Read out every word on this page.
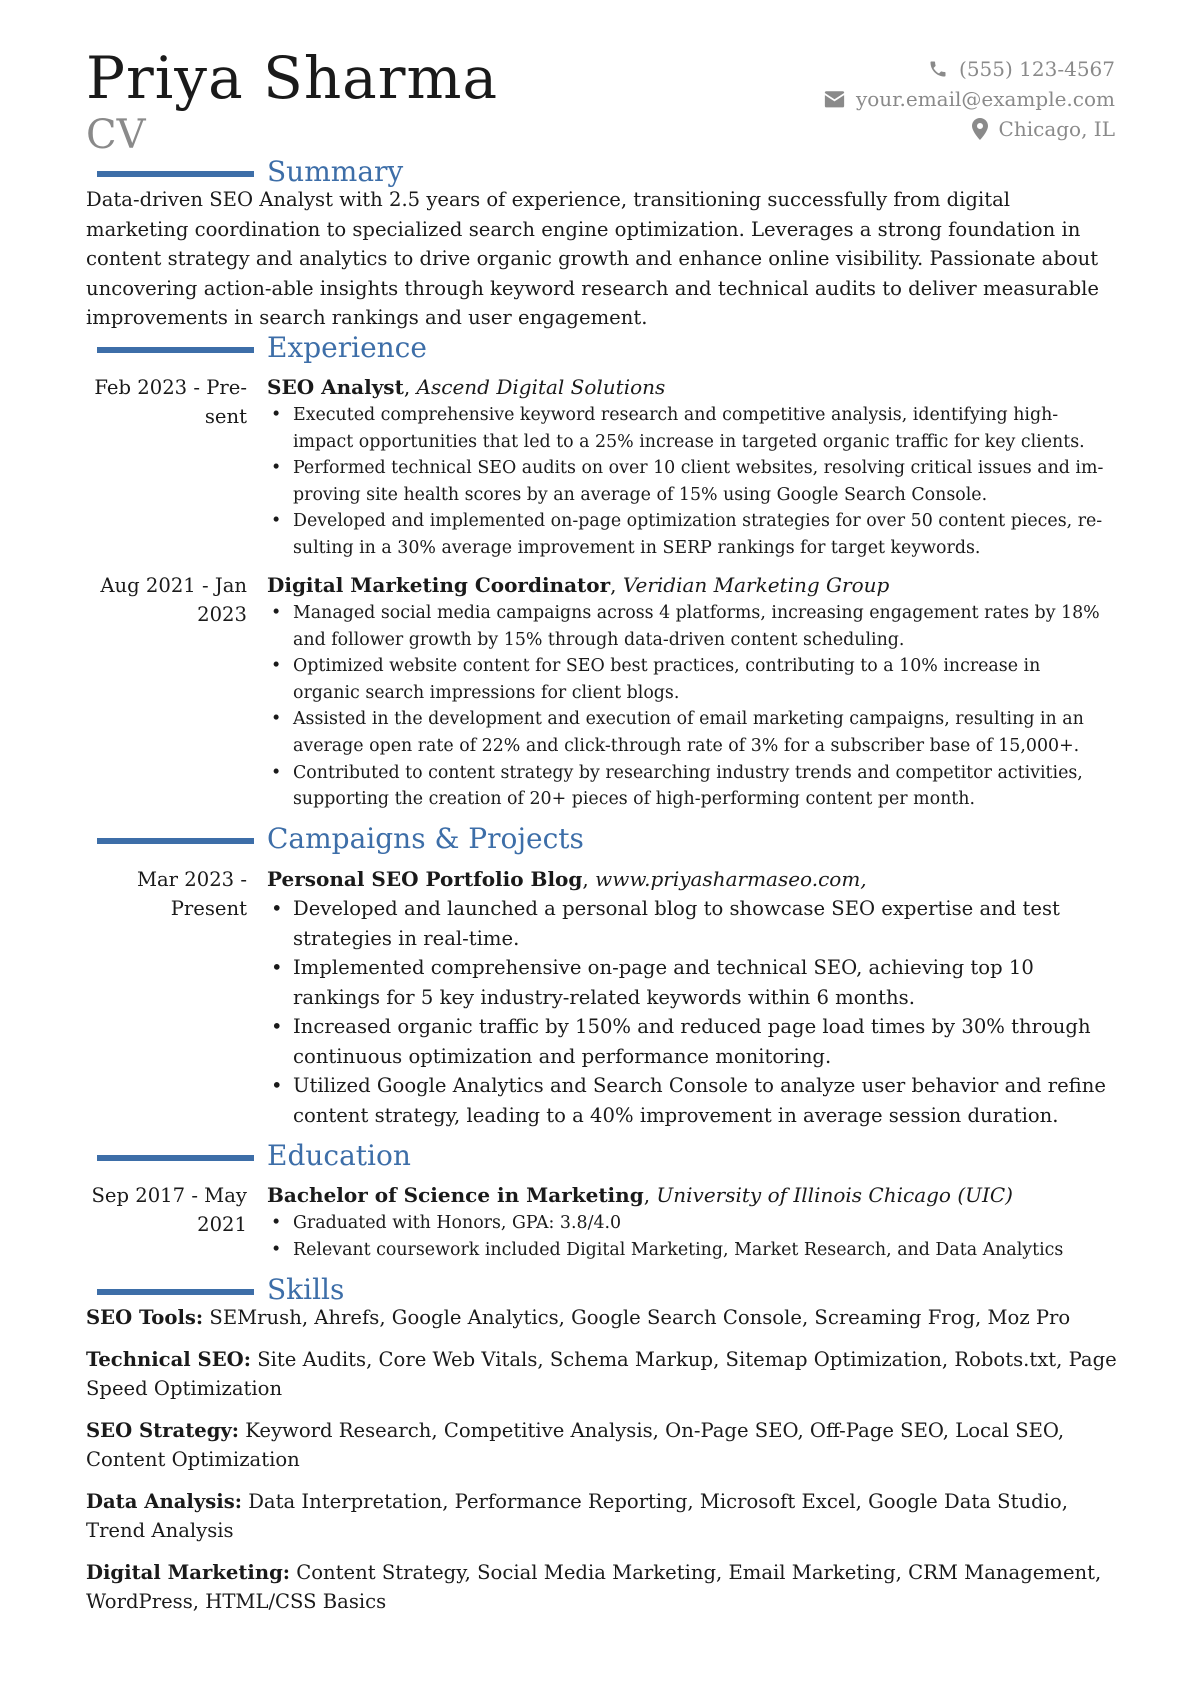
Priya Sharma
CV
(555) 123-4567
your.email@example.com
Chicago, IL
Summary

Data-driven SEO Analyst with 2.5 years of experience, transitioning successfully from digital marketing coordination to specialized search engine optimization. Leverages a strong foundation in content strategy and analytics to drive organic growth and enhance online visibility. Passionate about uncovering action-able insights through keyword research and technical audits to deliver measurable improvements in search rankings and user engagement.

Experience
Feb 2023 - Pre-
sent
SEO Analyst, Ascend Digital Solutions
• Executed comprehensive keyword research and competitive analysis, identifying high-impact opportunities that led to a 25% increase in targeted organic traffic for key clients.
• Performed technical SEO audits on over 10 client websites, resolving critical issues and im-proving site health scores by an average of 15% using Google Search Console.
• Developed and implemented on-page optimization strategies for over 50 content pieces, re-sulting in a 30% average improvement in SERP rankings for target keywords.
Aug 2021 - Jan
2023
Digital Marketing Coordinator, Veridian Marketing Group
• Managed social media campaigns across 4 platforms, increasing engagement rates by 18% and follower growth by 15% through data-driven content scheduling.
• Optimized website content for SEO best practices, contributing to a 10% increase in organic search impressions for client blogs.
• Assisted in the development and execution of email marketing campaigns, resulting in an average open rate of 22% and click-through rate of 3% for a subscriber base of 15,000+.
• Contributed to content strategy by researching industry trends and competitor activities, supporting the creation of 20+ pieces of high-performing content per month.
Campaigns & Projects
Mar 2023 -
Present
Personal SEO Portfolio Blog, www.priyasharmaseo.com,
• Developed and launched a personal blog to showcase SEO expertise and test strategies in real-time.
• Implemented comprehensive on-page and technical SEO, achieving top 10 rankings for 5 key industry-related keywords within 6 months.
• Increased organic traffic by 150% and reduced page load times by 30% through continuous optimization and performance monitoring.
• Utilized Google Analytics and Search Console to analyze user behavior and refine content strategy, leading to a 40% improvement in average session duration.
Education
Sep 2017 - May
2021
Bachelor of Science in Marketing, University of Illinois Chicago (UIC)
• Graduated with Honors, GPA: 3.8/4.0
• Relevant coursework included Digital Marketing, Market Research, and Data Analytics
Skills
SEO Tools: SEMrush, Ahrefs, Google Analytics, Google Search Console, Screaming Frog, Moz Pro
Technical SEO: Site Audits, Core Web Vitals, Schema Markup, Sitemap Optimization, Robots.txt, Page Speed Optimization
SEO Strategy: Keyword Research, Competitive Analysis, On-Page SEO, Off-Page SEO, Local SEO, Content Optimization
Data Analysis: Data Interpretation, Performance Reporting, Microsoft Excel, Google Data Studio, Trend Analysis
Digital Marketing: Content Strategy, Social Media Marketing, Email Marketing, CRM Management, WordPress, HTML/CSS Basics
